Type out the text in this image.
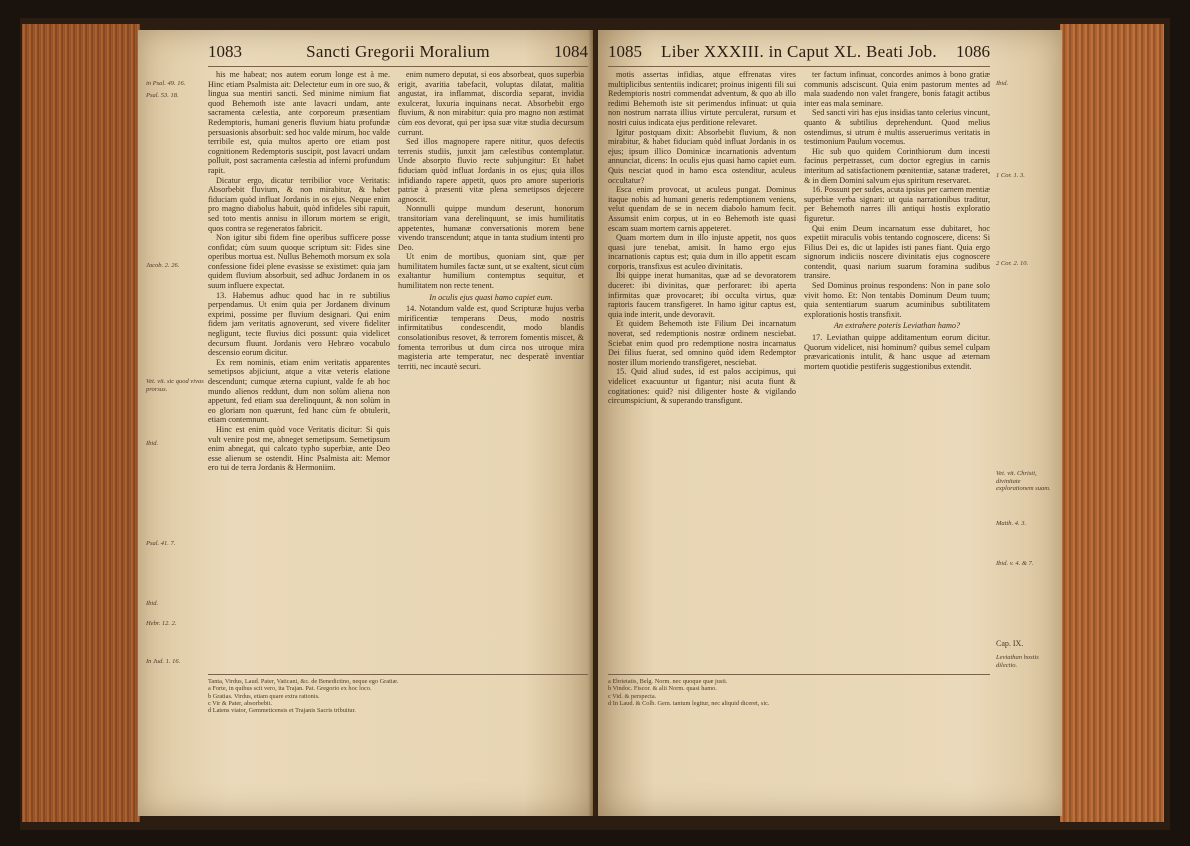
1083	Sancti Gregorii Moralium	1084

his me habeat; nos autem eorum longe est à me. Hinc etiam Psalmista ait: Delectetur eum in ore suo, & lingua sua mentiri sancti. Sed minime nimium fiat quod Behemoth iste ante lavacri undam, ante sacramenta cælestia, ante corporeum præsentiam Redemptoris, humani generis fluvium hiatu profundæ persuasionis absorbuit: sed hoc valde mirum, hoc valde terribile est, quia multos aperto ore etiam post cognitionem Redemptoris suscipit, post lavacri undam polluit, post sacramenta cælestia ad inferni profundum rapit.

Dicatur ergo, dicatur terribilior voce Veritatis: Absorbebit fluvium, & non mirabitur, & habet fiduciam quòd influat Jordanis in os ejus. Neque enim pro magno diabolus habuit, quòd infideles sibi rapuit, sed toto mentis annisu in illorum mortem se erigit, quos contra se regeneratos fabricit.

Non igitur sibi fidem fine operibus sufficere posse confidat; cùm suum quoque scriptum sit: Fides sine operibus mortua est. Nullus Behemoth morsum ex sola confessione fidei plene evasisse se existimet: quia jam quidem fluvium absorbuit, sed adhuc Jordanem in os suum influere expectat.

13. Habemus adhuc quod hac in re subtilius perpendamus. Ut enim quia per Jordanem divinum exprimi, possime per fluvium designari. Qui enim fidem jam veritatis agnoverunt, sed vivere fideliter negligunt, tecte fluvius dici possunt: quia videlicet decursum fluunt. Jordanis vero Hebræo vocabulo descensio eorum dicitur.

Ex rem nominis, etiam enim veritatis apparentes semetipsos abjiciunt, atque a vitæ veteris elatione descendunt; cumque æterna cupiunt, valde fe ab hoc mundo alienos reddunt, dum non solùm aliena non appetunt, fed etiam sua derelinquunt, & non solùm in eo gloriam non quærunt, fed hanc cùm fe obtulerit, etiam contemnunt.

Hinc est enim quòd voce Veritatis dicitur: Si quis vult venire post me, abneget semetipsum. Semetipsum enim abnegat, qui calcato typho superbiæ, ante Deo esse alienum se ostendit. Hinc Psalmista ait: Memor ero tui de terra Jordanis & Hermoniim.

enim numero deputat, si eos absorbeat, quos superbia erigit, avaritia tabefacit, voluptas dilatat, malitia angustat, ira inflammat, discordia separat, invidia exulcerat, luxuria inquinans necat. Absorbebit ergo fluvium, & non mirabitur: quia pro magno non æstimat cùm eos devorat, qui per ipsa suæ vitæ studia decursum currunt.

Sed illos magnopere rapere nititur, quos defectis terrenis studiis, junxit jam cælestibus contemplatur. Unde absorpto fluvio recte subjungitur: Et habet fiduciam quòd influat Jordanis in os ejus; quia illos infidiando rapere appetit, quos pro amore superioris patriæ à præsenti vitæ plena semetipsos dejecere agnoscit.

Nonnulli quippe mundum deserunt, honorum transitoriam vana derelinquunt, se imis humilitatis appetentes, humanæ conversationis morem bene vivendo transcendunt; atque in tanta studium intenti pro Deo.

Ut enim de mortibus, quoniam sint, quæ per humilitatem humiles factæ sunt, ut se exaltent, sicut cùm exaltantur humilium contemptus sequitur, et humilitatem non recte tenent.

In oculis ejus quasi hamo capiet eum.

14. Notandum valde est, quod Scripturæ hujus verba mirificentiæ temperans Deus, modo nostris infirmitatibus condescendit, modo blandis consolationibus resovet, & terrorem fomentis miscet, & fomenta terroribus ut dum circa nos utroque mira magisteria arte temperatur, nec desperatè inventiar territi, nec incautè securi.

in Psal. 49. 16.
Psal. 53. 18.
Jacob. 2. 26.
Vet. vit. sic quod vivas prorsus.
Ibid.
Psal. 41. 7.
Ibid.
Hebr. 12. 2.
In Jud. 1. 16.
Tanta, Virdus, Laud. Pater, Vaticani, &c. de Benedictino, neque ego Gratiæ.
a Forte, in quibus scit vero, ita Trajan. Pat. Gregorio ex hoc loco.
b Gratias. Virdus, etiam quare extra rationis.
c Vir & Pater, absorbebit.
d Latens viator, Gemmeticensis et Trajanis Sacris tribuitur.
1085	Liber XXXIII. in Caput XL. Beati Job.	1086

motis assertas infidias, atque effrenatas vires multiplicibus sententiis indicaret; proinus inigenti fili sui Redemptoris nostri commendat adventum, & quo ab illo redimi Behemoth iste sit perimendus infinuat: ut quia non nostrum narrata illius virtute perculerat, rursum et nostri cuius indicata ejus perditione relevaret.

Igitur postquam dixit: Absorbebit fluvium, & non mirabitur, & habet fiduciam quòd influat Jordanis in os ejus; ipsum illico Dominicæ incarnationis adventum annunciat, dicens: In oculis ejus quasi hamo capiet eum. Quis nesciat quod in hamo esca ostenditur, aculeus occultatur?

Esca enim provocat, ut aculeus pungat. Dominus itaque nobis ad humani generis redemptionem veniens, velut quendam de se in necem diabolo hamum fecit. Assumsit enim corpus, ut in eo Behemoth iste quasi escam suam mortem carnis appeteret.

Quam mortem dum in illo injuste appetit, nos quos quasi jure tenebat, amisit. In hamo ergo ejus incarnationis captus est; quia dum in illo appetit escam corporis, transfixus est aculeo divinitatis.

Ibi quippe inerat humanitas, quæ ad se devoratorem duceret: ibi divinitas, quæ perforaret: ibi aperta infirmitas quæ provocaret; ibi occulta virtus, quæ raptoris faucem transfigeret. In hamo igitur captus est, quia inde interit, unde devoravit.

Et quidem Behemoth iste Filium Dei incarnatum noverat, sed redemptionis nostræ ordinem nesciebat. Sciebat enim quod pro redemptione nostra incarnatus Dei filius fuerat, sed omnino quòd idem Redemptor noster illum moriendo transfigeret, nesciebat.

15. Quid aliud sudes, id est palos accipimus, qui videlicet exacuuntur ut figantur; nisi acuta fiunt & cogitationes: quid? nisi diligenter hoste & vigilando circumspiciunt, & superando transfigunt.

ter factum infinuat, concordes animos à bono gratiæ communis adsciscunt. Quia enim pastorum mentes ad mala suadendo non valet frangere, bonis fatagit actibus inter eas mala seminare.

Sed sancti viri has ejus insidias tanto celerius vincunt, quanto & subtilius deprehendunt. Quod melius ostendimus, si utrum è multis asseruerimus veritatis in testimonium Paulum vocemus.

Hic sub quo quidem Corinthiorum dum incesti facinus perpetrasset, cum doctor egregius in carnis interitum ad satisfactionem pœnitentiæ, satanæ traderet, & in diem Domini salvum ejus spiritum reservaret.

16. Possunt per sudes, acuta ipsius per carnem mentiæ superbiæ verba signari: ut quia narrationibus traditur, per Behemoth narres illi antiqui hostis exploratio figuretur.

Qui enim Deum incarnatum esse dubitaret, hoc expetiit miraculis vobis tentando cognoscere, dicens: Si Filius Dei es, dic ut lapides isti panes fiant. Quia ergo signorum indiciis noscere divinitatis ejus cognoscere contendit, quasi narium suarum foramina sudibus transire.

Sed Dominus proinus respondens: Non in pane solo vivit homo. Et: Non tentabis Dominum Deum tuum; quia sententiarum suarum acuminibus subtilitatem explorationis hostis transfixit.

An extrahere poteris Leviathan hamo?

17. Leviathan quippe additamentum eorum dicitur. Quorum videlicet, nisi hominum? quibus semel culpam prævaricationis intulit, & hanc usque ad æternam mortem quotidie pestiferis suggestionibus extendit.

Ibid.
1 Cor. 1. 3.
2 Cor. 2. 10.
Matth. 4. 3.
Ibid. v. 4. & 7.
Vet. vit. Christi, divinitate explorationem suam.
Cap. IX.
Leviathan hostis dilectio.
a Ebrietatis, Belg. Norm. nec quoque quæ justi.
b Vindoc. Fiscor. & alii Norm. quasi hamo.
c Vid. & perspecta.
d In Laud. & Colb. Gem. tantum legitur, nec aliquid diceret, sic.
